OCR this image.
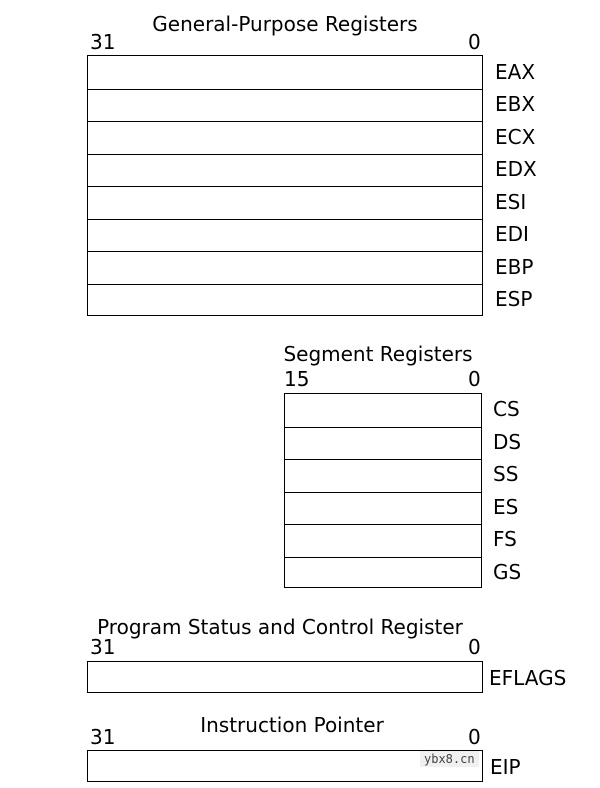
General-Purpose Registers
31	0
EAX
EBX
ECX
EDX
ESI
EDI
EBP
ESP
Segment Registers
15	0
CS
DS
SS
ES
FS
GS
Program Status and Control Register
31	0
EFLAGS
Instruction Pointer
31	0
EIP
ybx8.cn
